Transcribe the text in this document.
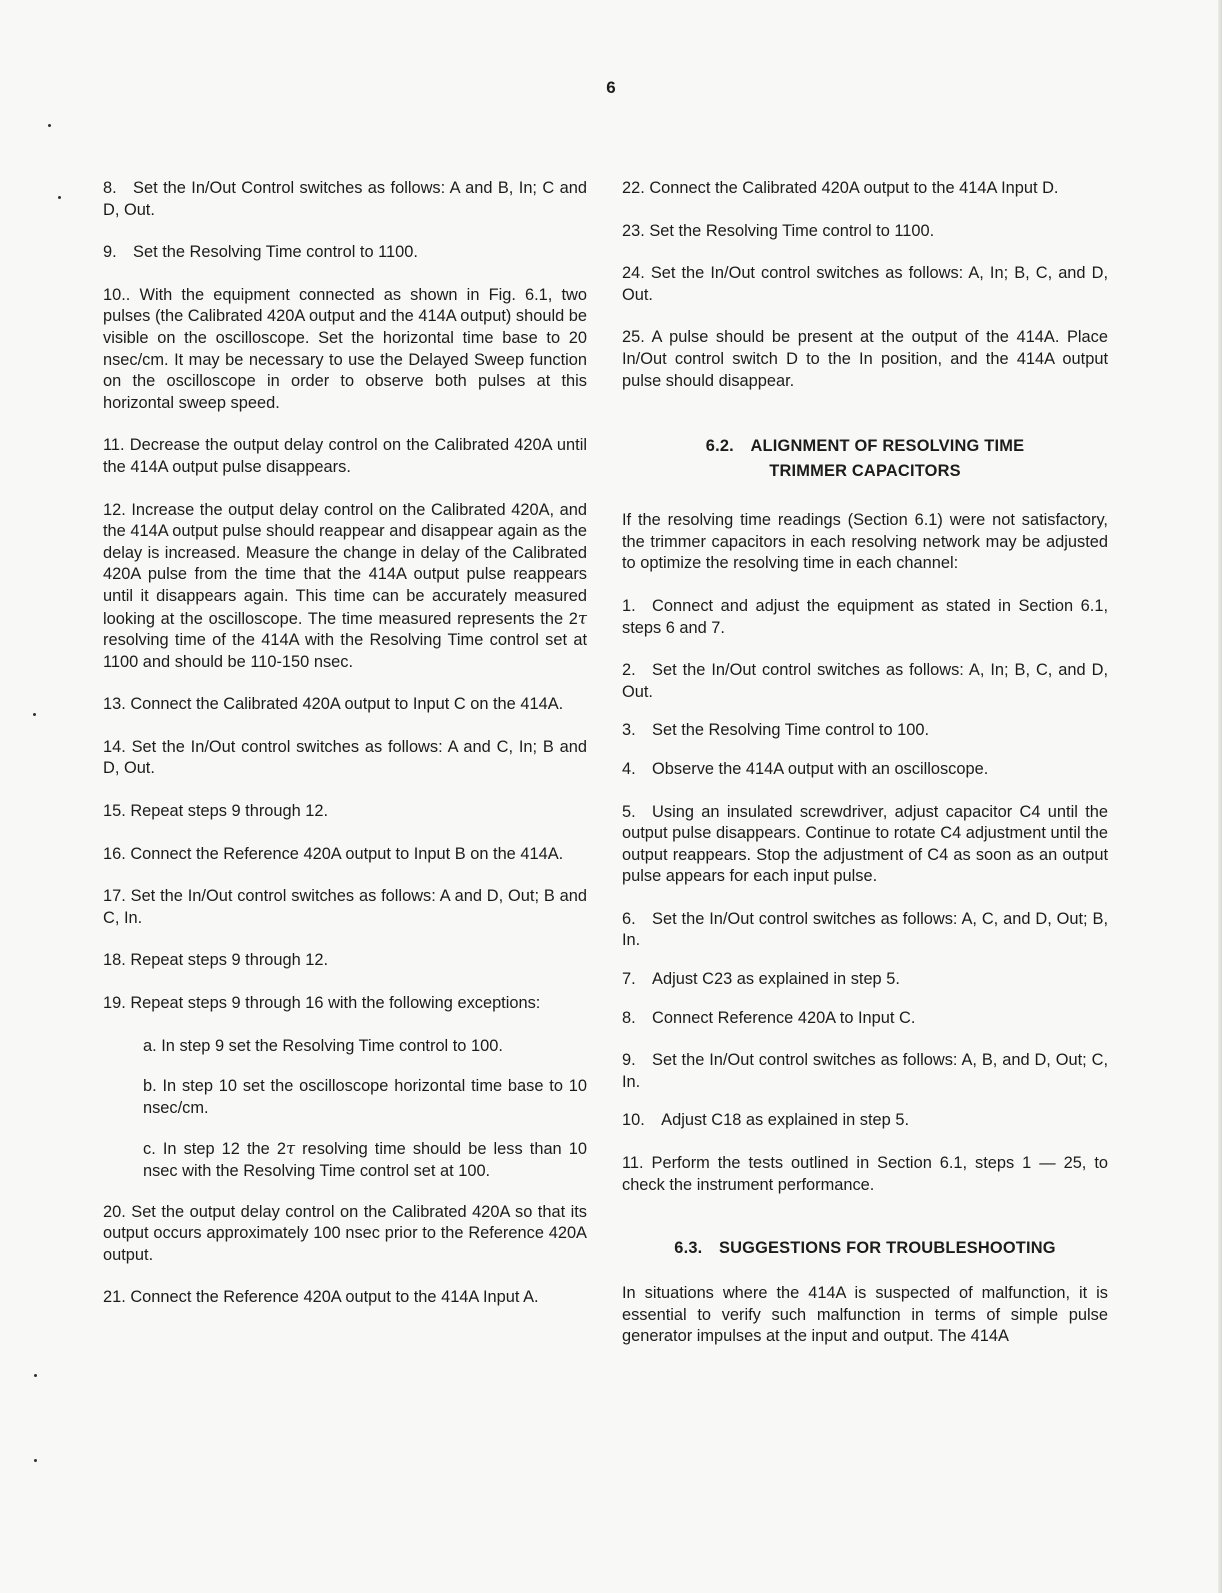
6

8. Set the In/Out Control switches as follows: A and B, In; C and D, Out.

9. Set the Resolving Time control to 1100.

10.. With the equipment connected as shown in Fig. 6.1, two pulses (the Calibrated 420A output and the 414A output) should be visible on the oscilloscope. Set the horizontal time base to 20 nsec/cm. It may be necessary to use the Delayed Sweep function on the oscilloscope in order to observe both pulses at this horizontal sweep speed.

11. Decrease the output delay control on the Calibrated 420A until the 414A output pulse disappears.

12. Increase the output delay control on the Calibrated 420A, and the 414A output pulse should reappear and disappear again as the delay is increased. Measure the change in delay of the Calibrated 420A pulse from the time that the 414A output pulse reappears until it disappears again. This time can be accurately measured looking at the oscilloscope. The time measured represents the 2τ resolving time of the 414A with the Resolving Time control set at 1100 and should be 110-150 nsec.

13. Connect the Calibrated 420A output to Input C on the 414A.

14. Set the In/Out control switches as follows: A and C, In; B and D, Out.

15. Repeat steps 9 through 12.

16. Connect the Reference 420A output to Input B on the 414A.

17. Set the In/Out control switches as follows: A and D, Out; B and C, In.

18. Repeat steps 9 through 12.

19. Repeat steps 9 through 16 with the following exceptions:

a. In step 9 set the Resolving Time control to 100.

b. In step 10 set the oscilloscope horizontal time base to 10 nsec/cm.

c. In step 12 the 2τ resolving time should be less than 10 nsec with the Resolving Time control set at 100.

20. Set the output delay control on the Calibrated 420A so that its output occurs approximately 100 nsec prior to the Reference 420A output.

21. Connect the Reference 420A output to the 414A Input A.

22. Connect the Calibrated 420A output to the 414A Input D.

23. Set the Resolving Time control to 1100.

24. Set the In/Out control switches as follows: A, In; B, C, and D, Out.

25. A pulse should be present at the output of the 414A. Place In/Out control switch D to the In position, and the 414A output pulse should disappear.

6.2. ALIGNMENT OF RESOLVING TIME
TRIMMER CAPACITORS

If the resolving time readings (Section 6.1) were not satisfactory, the trimmer capacitors in each resolving network may be adjusted to optimize the resolving time in each channel:

1. Connect and adjust the equipment as stated in Section 6.1, steps 6 and 7.

2. Set the In/Out control switches as follows: A, In; B, C, and D, Out.

3. Set the Resolving Time control to 100.

4. Observe the 414A output with an oscilloscope.

5. Using an insulated screwdriver, adjust capacitor C4 until the output pulse disappears. Continue to rotate C4 adjustment until the output reappears. Stop the adjustment of C4 as soon as an output pulse appears for each input pulse.

6. Set the In/Out control switches as follows: A, C, and D, Out; B, In.

7. Adjust C23 as explained in step 5.

8. Connect Reference 420A to Input C.

9. Set the In/Out control switches as follows: A, B, and D, Out; C, In.

10. Adjust C18 as explained in step 5.

11. Perform the tests outlined in Section 6.1, steps 1 — 25, to check the instrument performance.

6.3. SUGGESTIONS FOR TROUBLESHOOTING

In situations where the 414A is suspected of malfunction, it is essential to verify such malfunction in terms of simple pulse generator impulses at the input and output. The 414A
